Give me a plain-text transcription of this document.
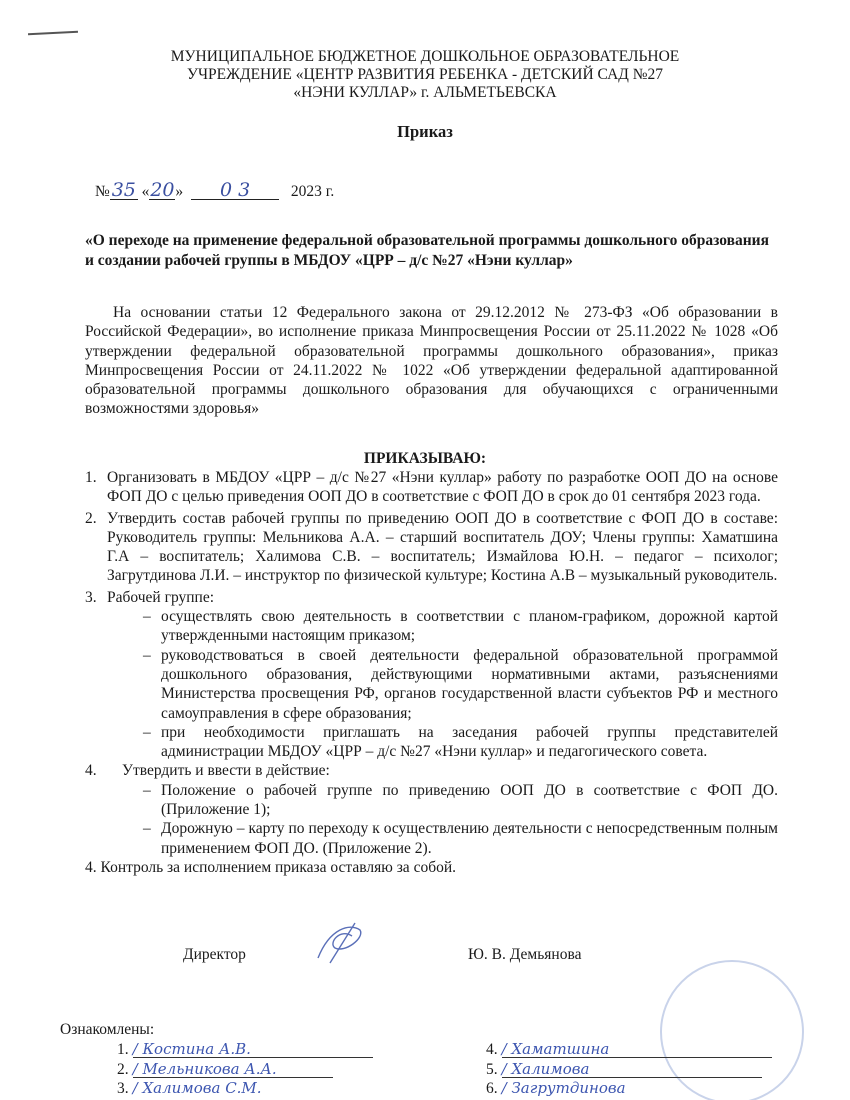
МУНИЦИПАЛЬНОЕ БЮДЖЕТНОЕ ДОШКОЛЬНОЕ ОБРАЗОВАТЕЛЬНОЕ
УЧРЕЖДЕНИЕ «ЦЕНТР РАЗВИТИЯ РЕБЕНКА - ДЕТСКИЙ САД №27
«НЭНИ КУЛЛАР» г. АЛЬМЕТЬЕВСКА
Приказ
№ 35 «20» 0 3	2023 г.
«О переходе на применение федеральной образовательной программы дошкольного образования и создании рабочей группы в МБДОУ «ЦРР – д/с №27 «Нэни куллар»
На основании статьи 12 Федерального закона от 29.12.2012 № 273-ФЗ «Об образовании в Российской Федерации», во исполнение приказа Минпросвещения России от 25.11.2022 № 1028 «Об утверждении федеральной образовательной программы дошкольного образования», приказ Минпросвещения России от 24.11.2022 № 1022 «Об утверждении федеральной адаптированной образовательной программы дошкольного образования для обучающихся с ограниченными возможностями здоровья»
ПРИКАЗЫВАЮ:
1. Организовать в МБДОУ «ЦРР – д/с №27 «Нэни куллар» работу по разработке ООП ДО на основе ФОП ДО с целью приведения ООП ДО в соответствие с ФОП ДО в срок до 01 сентября 2023 года.
2. Утвердить состав рабочей группы по приведению ООП ДО в соответствие с ФОП ДО в составе: Руководитель группы: Мельникова А.А. – старший воспитатель ДОУ; Члены группы: Хаматшина Г.А – воспитатель; Халимова С.В. – воспитатель; Измайлова Ю.Н. – педагог – психолог; Загрутдинова Л.И. – инструктор по физической культуре; Костина А.В – музыкальный руководитель.
3. Рабочей группе:
– осуществлять свою деятельность в соответствии с планом-графиком, дорожной картой утвержденными настоящим приказом;
– руководствоваться в своей деятельности федеральной образовательной программой дошкольного образования, действующими нормативными актами, разъяснениями Министерства просвещения РФ, органов государственной власти субъектов РФ и местного самоуправления в сфере образования;
– при необходимости приглашать на заседания рабочей группы представителей администрации МБДОУ «ЦРР – д/с №27 «Нэни куллар» и педагогического совета.
4. Утвердить и ввести в действие:
– Положение о рабочей группе по приведению ООП ДО в соответствие с ФОП ДО. (Приложение 1);
– Дорожную – карту по переходу к осуществлению деятельности с непосредственным полным применением ФОП ДО. (Приложение 2).
4. Контроль за исполнением приказа оставляю за собой.
Директор	Ю. В. Демьянова
Ознакомлены:
1. / Костина А.В.
2. / Мельникова А.А.
3. / Халимова С.М.
4. / Хаматшина
5. / Халимова
6. / Загрутдинова
